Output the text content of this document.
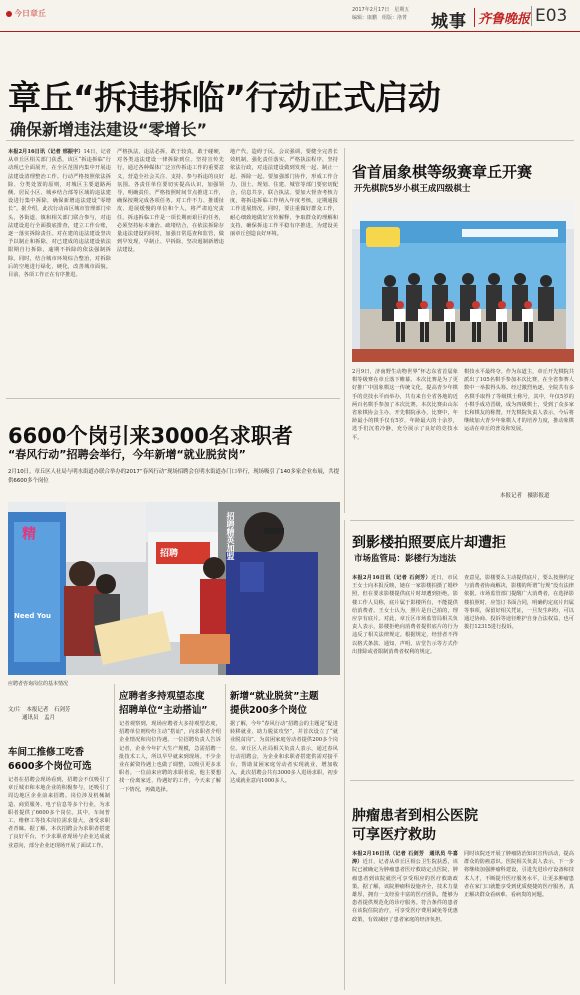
今日章丘	2017年2月17日　星期五
编辑：康鹏　组版：洛菁 城事 齐鲁晚报 E03
章丘“拆违拆临”行动正式启动
确保新增违法建设“零增长”
本报2月16日讯（记者 邢振宇）14日，记者从章丘区相关部门获悉，该区“拆违拆临”行动现已全面展开，在全区范围内集中开展违法建设清理整治工作。行动严格按照依法拆除、分类处置的原则，对城区主要道路两侧、居民小区、城乡结合部等区域的违法建设进行集中拆除，确保新增违法建设“零增长”。据介绍，此次行动由区城市管理部门牵头，各街道、镇和相关部门联合参与，对违法建设进行全面摸底排查，建立工作台账，逐一落实拆除责任。对在建的违法建设坚决予以制止和拆除，对已建成的违法建设依法限期自行拆除，逾期不拆除的依法强制拆除。同时，结合城市环境综合整治，对拆除后的空地进行绿化、硬化，改善城市面貌。目前，各项工作正在有序推进。
严格执法，违法必拆，敢于较真，敢于碰硬，对各类违法建设一律拆除到位。坚持宣传先行，通过各种媒体广泛宣传拆违工作的重要意义，营造全社会关注、支持、参与拆违的良好氛围。各责任单位要切实提高认识，加强领导，明确责任，严格按照时间节点推进工作，确保按期完成各项任务。对工作不力、推诿扯皮、进展缓慢的单位和个人，将严肃追究责任。拆违拆临工作是一项长期而艰巨的任务，必须坚持标本兼治、疏堵结合，在依法拆除存量违法建设的同时，加强日常巡查和监管，做到早发现、早制止、早拆除，坚决遏制新增违法建设。
地产代，造碍于民。会议强调，要健全完善长效机制，强化责任落实，严格执法程序，坚持依法行政，对违法建设做到发现一起、制止一起、拆除一起。要加强部门协作，形成工作合力，国土、规划、住建、城管等部门要密切配合，信息共享，联合执法。要加大督查考核力度，将拆违拆临工作纳入年度考核，定期通报工作进展情况。同时，要注重做好群众工作，耐心细致地做好宣传解释，争取群众的理解和支持，确保拆违工作平稳有序推进，为建设美丽章丘创造良好环境。
省首届象棋等级赛章丘开赛
开先棋院5岁小棋王成四级棋士
2月9日，济南野生动物世界“怀志东省首届象棋等级赛在章丘落下帷幕。本次比赛是为了更好推广中国象棋这一传统文化，提高青少年棋手的竞技水平而举办，共有来自全省各地的近两百名棋手参加了本次比赛。本次比赛由山东省象棋协会主办，开先棋院承办，比赛中，年龄最小的棋手仅有5岁，年龄最大的十余岁，选手们沉着冷静，充分展示了良好的竞技水平。
棋技水平最终夺。作为东道主，章丘开先棋院共派出了105名棋手参加本次比赛，在全省参赛人数中一举拔得头筹。经过激烈角逐，全院共有多名棋手取得了等级棋士称号，其中，年仅5岁的小棋手成功晋级，成为四级棋士，受到了众多家长和棋友的称赞。开先棋院负责人表示，今后将继续加大青少年象棋人才的培养力度，推动象棋运动在章丘的普及和发展。
本报记者　摄影报道
6600个岗引来3000名求职者
“春风行动”招聘会举行，今年新增“就业脱贫岗”
2月10日，章丘区人社局与明水街道办联合举办的2017“春风行动”现场招聘会在明水街道办门口举行，现场吸引了140多家企业布展，共提供6600多个岗位
精
Need You
招聘
招聘精英加盟
应聘者咨询岗位的基本情况
文/片　本报记者　石剑芳
通讯员　孟月
车间工推修工吃香
6600多个岗位可选
记者在招聘会现场看到，招聘会不仅吸引了章丘城市和本地企业的积极参与，还吸引了周边地区企业前来招聘。岗位涉及机械制造、商贸服务、电子信息等多个行业，为求职者提供了6600多个岗位。其中，车间普工、维修工等技术岗位需求量大，备受求职者青睐。据了解，本次招聘会为求职者搭建了良好平台，不少求职者现场与企业达成就业意向，部分企业还现场开展了面试工作。
应聘者多持观望态度
招聘单位“主动搭讪”
记者观察到，现场应聘者大多持观望态度，招聘单位则纷纷主动“搭讪”，向求职者介绍企业情况和岗位待遇。一位招聘负责人告诉记者，企业今年扩大生产规模，急需招聘一批技术工人，所以早早就来到现场。不少企业在薪资待遇上也做了调整，以吸引更多求职者。一位前来应聘的求职者说，他主要想找一份离家近、待遇好的工作，今天来了解一下情况，再做选择。
新增“就业脱贫”主题
提供200多个岗位
据了解，今年“春风行动”招聘会的主题是“促进转移就业、助力脱贫攻坚”，并首次设立了“就业脱贫岗”，为贫困家庭劳动者提供200多个岗位。章丘区人社局相关负责人表示，通过春风行动招聘会，为企业和求职者搭建供需对接平台，帮助贫困家庭劳动者实现就业，增加收入。此次招聘会共有3000多人进场求职，初步达成就业意向1000多人。
到影楼拍照要底片却遭拒
市场监管局：影楼行为违法
本报2月16日讯（记者 石剑芳）近日，市民王女士向本报反映，她在一家影楼拍摄了婚纱照，但在要求影楼提供底片时却遭到拒绝。影楼工作人员称，底片属于影楼所有，不能提供给消费者。王女士认为，照片是自己拍的，理应享有底片。对此，章丘区市场监管局相关负责人表示，影楼拒绝向消费者提供底片的行为违反了相关法律规定。根据规定，经营者不得以格式条款、通知、声明、店堂告示等方式作出排除或者限制消费者权利的规定。
查意见，影楼要么主动提供底片，要么按照约定与消费者协商解决，影楼的所谓“行规”没有法律依据。市场监管部门提醒广大消费者，在选择影楼拍照时，应签订书面合同，明确约定底片归属等事项，保留好相关凭证，一旦发生纠纷，可以通过协商、投诉等途径维护自身合法权益，也可拨打12315进行投诉。
肿瘤患者到相公医院
可享医疗救助
本报2月16日讯（记者 石剑芳　通讯员 牛喜涛）近日，记者从章丘区相公卫生院获悉，该院已被确定为肿瘤患者医疗救助定点医院，肿瘤患者到该院就医可享受相应的医疗救助政策。据了解，该院肿瘤科设施齐全，技术力量雄厚，拥有一支经验丰富的医疗团队，能够为患者提供规范化的诊疗服务。符合条件的患者在该院住院治疗，可享受医疗费用减免等优惠政策，有效减轻了患者家庭的经济负担。
同时该院还开展了肿瘤防治知识宣传活动，提高群众的防癌意识。医院相关负责人表示，下一步将继续加强肿瘤科建设，引进先进诊疗设备和技术人才，不断提升医疗服务水平，让更多肿瘤患者在家门口就能享受到优质便捷的医疗服务，真正解决群众看病难、看病贵的问题。
